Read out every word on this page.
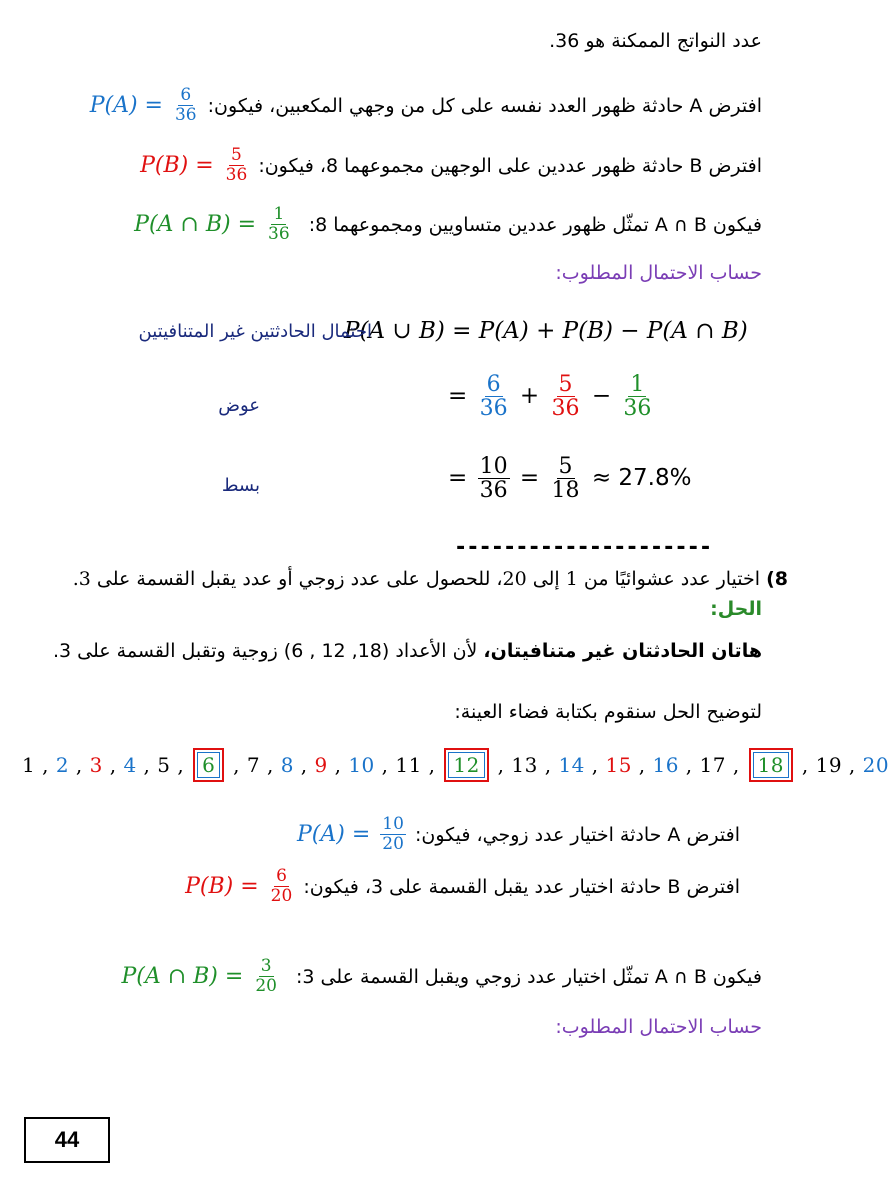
عدد النواتج الممكنة هو 36.
افترض A حادثة ظهور العدد نفسه على كل من وجهي المكعبين، فيكون: $P(A) = \frac{6}{36}$
افترض B حادثة ظهور عددين على الوجهين مجموعهما 8، فيكون: $P(B) = \frac{5}{36}$
فيكون A ∩ B تمثّل ظهور عددين متساويين ومجموعهما 8: P(A ∩ $B) = \frac{1}{36}$
حساب الاحتمال المطلوب:
P(A ∪ B) = P(A) + P(B) − P(A ∩ B)
احتمال الحادثتين غير المتنافيتين
= $\frac{6}{36} + \frac{5}{36} - \frac{1}{36}$
عوض
= $\frac{10}{36} = \frac{5}{18} \approx 27.8\%$
بسط
---------------------
8) اختيار عدد عشوائيًا من 1 إلى 20، للحصول على عدد زوجي أو عدد يقبل القسمة على 3.
الحل:
هاتان الحادثتان غير متنافيتان، لأن الأعداد (18, 12 , 6) زوجية وتقبل القسمة على 3.
لتوضيح الحل سنقوم بكتابة فضاء العينة:
1 , 2 , 3 , 4 , 5 , 6 , 7 , 8 , 9 , 10 , 11 , 12 , 13 , 14 , 15 , 16 , 17 , 18 , 19 , 20
افترض A حادثة اختيار عدد زوجي، فيكون: $P(A) = \frac{10}{20}$
افترض B حادثة اختيار عدد يقبل القسمة على 3، فيكون: $P(B) = \frac{6}{20}$
فيكون A ∩ B تمثّل اختيار عدد زوجي ويقبل القسمة على 3: P(A ∩ $B) = \frac{3}{20}$
حساب الاحتمال المطلوب:
44
